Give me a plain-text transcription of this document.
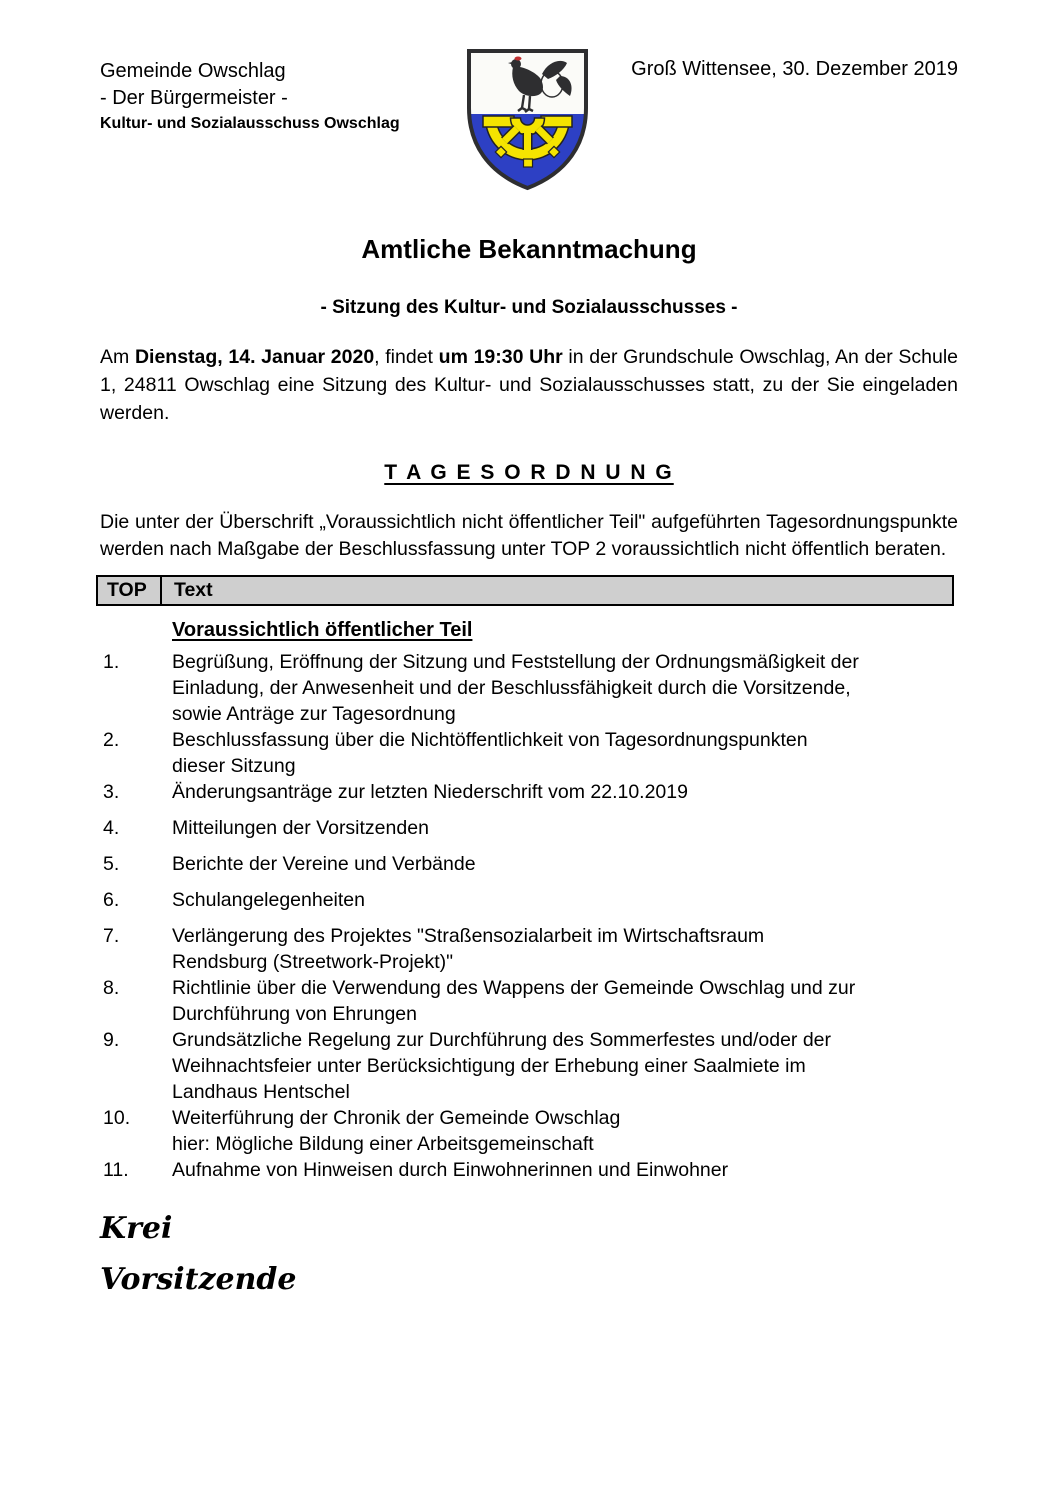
Gemeinde Owschlag
- Der Bürgermeister -
Kultur- und Sozialausschuss Owschlag
Groß Wittensee, 30. Dezember 2019
Amtliche Bekanntmachung
- Sitzung des Kultur- und Sozialausschusses -

Am Dienstag, 14. Januar 2020, findet um 19:30 Uhr in der Grundschule Owschlag, An der Schule 1, 24811 Owschlag eine Sitzung des Kultur- und Sozialausschusses statt, zu der Sie eingeladen werden.

T A G E S O R D N U N G

Die unter der Überschrift „Voraussichtlich nicht öffentlicher Teil" aufgeführten Tagesordnungspunkte werden nach Maßgabe der Beschlussfassung unter TOP 2 voraussichtlich nicht öffentlich beraten.

TOP	Text
Voraussichtlich öffentlicher Teil
1.	Begrüßung, Eröffnung der Sitzung und Feststellung der Ordnungsmäßigkeit der
Einladung, der Anwesenheit und der Beschlussfähigkeit durch die Vorsitzende,
sowie Anträge zur Tagesordnung
2.	Beschlussfassung über die Nichtöffentlichkeit von Tagesordnungspunkten
dieser Sitzung
3.	Änderungsanträge zur letzten Niederschrift vom 22.10.2019
4.	Mitteilungen der Vorsitzenden
5.	Berichte der Vereine und Verbände
6.	Schulangelegenheiten
7.	Verlängerung des Projektes "Straßensozialarbeit im Wirtschaftsraum
Rendsburg (Streetwork-Projekt)"
8.	Richtlinie über die Verwendung des Wappens der Gemeinde Owschlag und zur
Durchführung von Ehrungen
9.	Grundsätzliche Regelung zur Durchführung des Sommerfestes und/oder der
Weihnachtsfeier unter Berücksichtigung der Erhebung einer Saalmiete im
Landhaus Hentschel
10.	Weiterführung der Chronik der Gemeinde Owschlag
hier: Mögliche Bildung einer Arbeitsgemeinschaft
11.	Aufnahme von Hinweisen durch Einwohnerinnen und Einwohner
Krei
Vorsitzende
